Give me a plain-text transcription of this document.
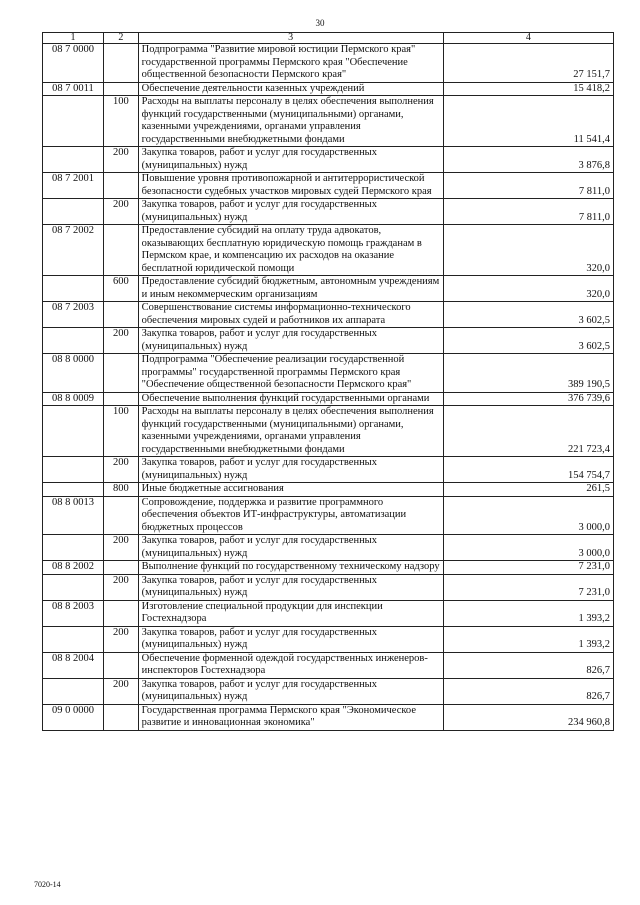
30
1	2	3	4
08 7 0000		Подпрограмма "Развитие мировой юстиции Пермского края" государственной программы Пермского края "Обеспечение общественной безопасности Пермского края"	27 151,7
08 7 0011		Обеспечение деятельности казенных учреждений	15 418,2
	100	Расходы на выплаты персоналу в целях обеспечения выполнения функций государственными (муниципальными) органами, казенными учреждениями, органами управления государственными внебюджетными фондами	11 541,4
	200	Закупка товаров, работ и услуг для государственных (муниципальных) нужд	3 876,8
08 7 2001		Повышение уровня противопожарной и антитеррористической безопасности судебных участков мировых судей Пермского края	7 811,0
	200	Закупка товаров, работ и услуг для государственных (муниципальных) нужд	7 811,0
08 7 2002		Предоставление субсидий на оплату труда адвокатов, оказывающих бесплатную юридическую помощь гражданам в Пермском крае, и компенсацию их расходов на оказание бесплатной юридической помощи	320,0
	600	Предоставление субсидий бюджетным, автономным учреждениям и иным некоммерческим организациям	320,0
08 7 2003		Совершенствование системы информационно-технического обеспечения мировых судей и работников их аппарата	3 602,5
	200	Закупка товаров, работ и услуг для государственных (муниципальных) нужд	3 602,5
08 8 0000		Подпрограмма "Обеспечение реализации государственной программы" государственной программы Пермского края "Обеспечение общественной безопасности Пермского края"	389 190,5
08 8 0009		Обеспечение выполнения функций государственными органами	376 739,6
	100	Расходы на выплаты персоналу в целях обеспечения выполнения функций государственными (муниципальными) органами, казенными учреждениями, органами управления государственными внебюджетными фондами	221 723,4
	200	Закупка товаров, работ и услуг для государственных (муниципальных) нужд	154 754,7
	800	Иные бюджетные ассигнования	261,5
08 8 0013		Сопровождение, поддержка и развитие программного обеспечения объектов ИТ-инфраструктуры, автоматизации бюджетных процессов	3 000,0
	200	Закупка товаров, работ и услуг для государственных (муниципальных) нужд	3 000,0
08 8 2002		Выполнение функций по государственному техническому надзору	7 231,0
	200	Закупка товаров, работ и услуг для государственных (муниципальных) нужд	7 231,0
08 8 2003		Изготовление специальной продукции для инспекции Гостехнадзора	1 393,2
	200	Закупка товаров, работ и услуг для государственных (муниципальных) нужд	1 393,2
08 8 2004		Обеспечение форменной одеждой государственных инженеров-инспекторов Гостехнадзора	826,7
	200	Закупка товаров, работ и услуг для государственных (муниципальных) нужд	826,7
09 0 0000		Государственная программа Пермского края "Экономическое развитие и инновационная экономика"	234 960,8
7020-14
